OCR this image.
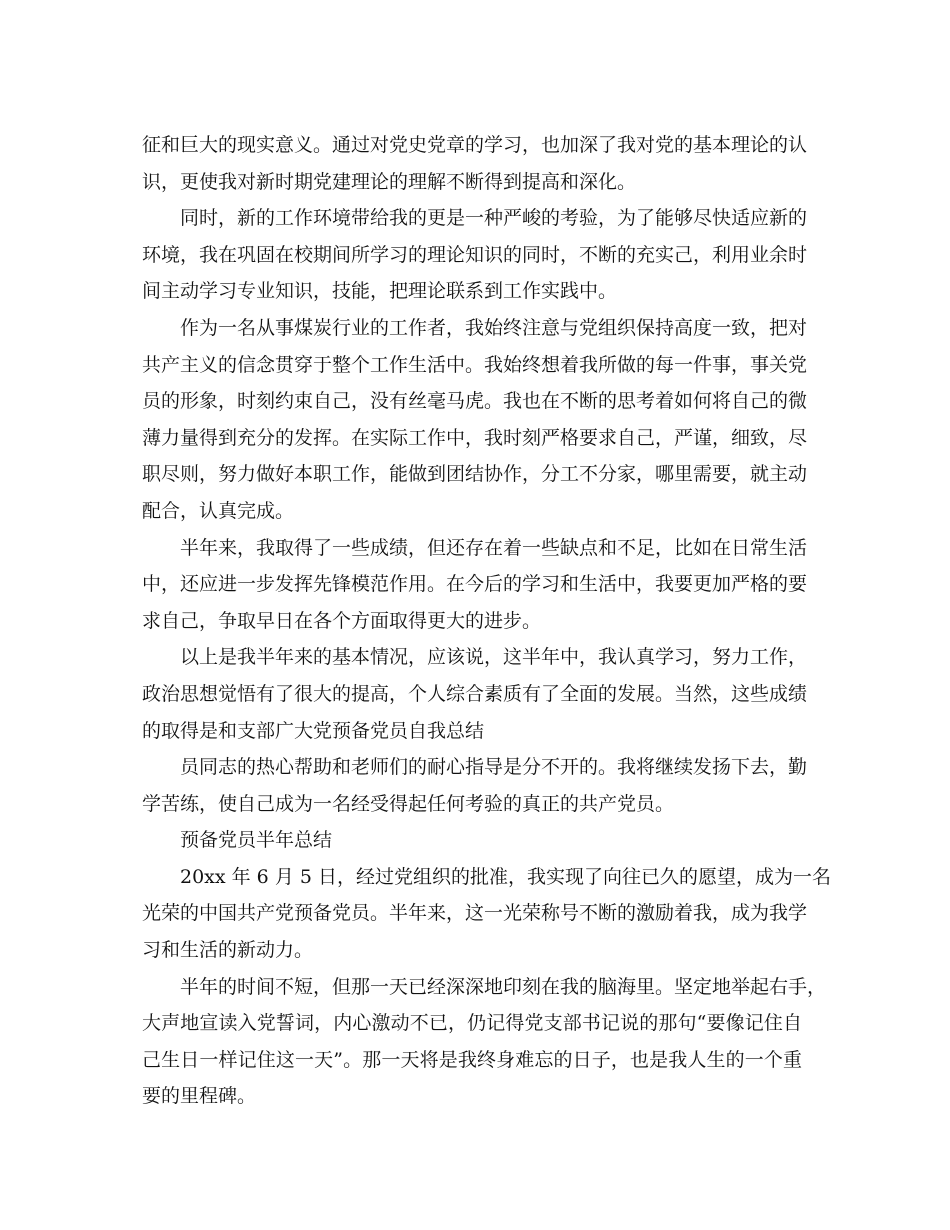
征和巨大的现实意义。通过对党史党章的学习，也加深了我对党的基本理论的认
识，更使我对新时期党建理论的理解不断得到提高和深化。
同时，新的工作环境带给我的更是一种严峻的考验，为了能够尽快适应新的
环境，我在巩固在校期间所学习的理论知识的同时，不断的充实己，利用业余时
间主动学习专业知识，技能，把理论联系到工作实践中。
作为一名从事煤炭行业的工作者，我始终注意与党组织保持高度一致，把对
共产主义的信念贯穿于整个工作生活中。我始终想着我所做的每一件事，事关党
员的形象，时刻约束自己，没有丝毫马虎。我也在不断的思考着如何将自己的微
薄力量得到充分的发挥。在实际工作中，我时刻严格要求自己，严谨，细致，尽
职尽则，努力做好本职工作，能做到团结协作，分工不分家，哪里需要，就主动
配合，认真完成。
半年来，我取得了一些成绩，但还存在着一些缺点和不足，比如在日常生活
中，还应进一步发挥先锋模范作用。在今后的学习和生活中，我要更加严格的要
求自己，争取早日在各个方面取得更大的进步。
以上是我半年来的基本情况，应该说，这半年中，我认真学习，努力工作，
政治思想觉悟有了很大的提高，个人综合素质有了全面的发展。当然，这些成绩
的取得是和支部广大党预备党员自我总结
员同志的热心帮助和老师们的耐心指导是分不开的。我将继续发扬下去，勤
学苦练，使自己成为一名经受得起任何考验的真正的共产党员。
预备党员半年总结
20xx 年 6 月 5 日，经过党组织的批准，我实现了向往已久的愿望，成为一名
光荣的中国共产党预备党员。半年来，这一光荣称号不断的激励着我，成为我学
习和生活的新动力。
半年的时间不短，但那一天已经深深地印刻在我的脑海里。坚定地举起右手，
大声地宣读入党誓词，内心激动不已，仍记得党支部书记说的那句“要像记住自
己生日一样记住这一天”。那一天将是我终身难忘的日子，也是我人生的一个重
要的里程碑。
